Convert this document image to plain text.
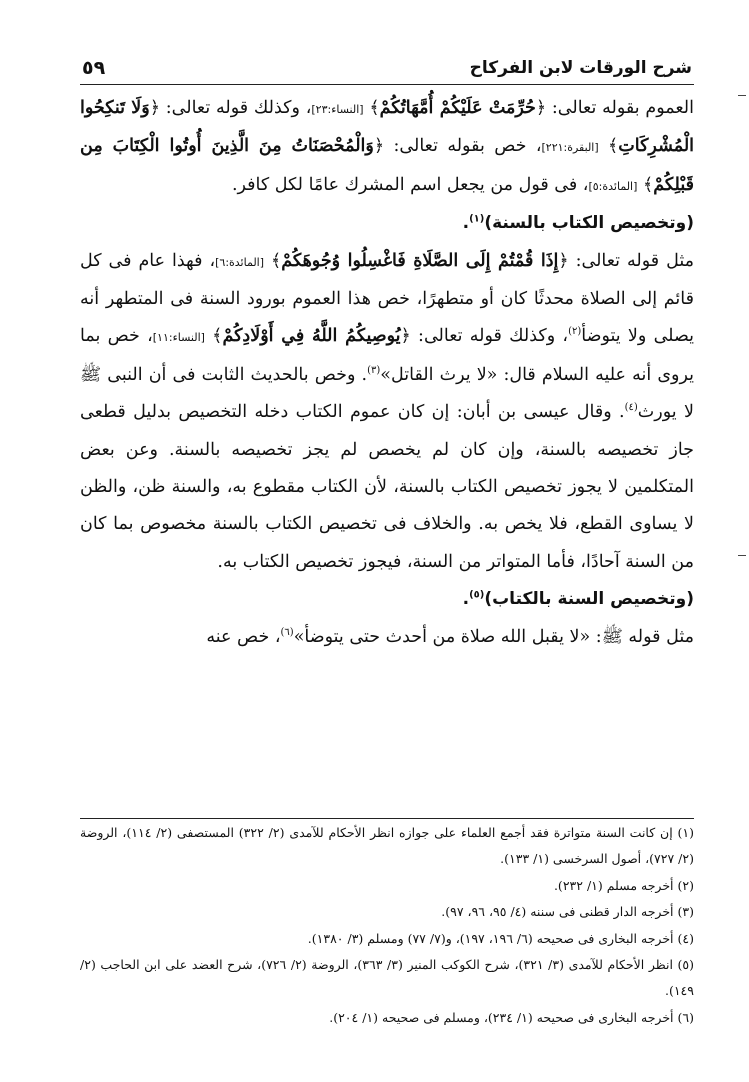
شرح الورقات لابن الفركاح
٥٩

العموم بقوله تعالى: ﴿حُرِّمَتْ عَلَيْكُمْ أُمَّهَاتُكُمْ﴾ [النساء:٢٣]، وكذلك قوله تعالى: ﴿وَلَا تَنكِحُوا الْمُشْرِكَاتِ﴾ [البقرة:٢٢١]، خص بقوله تعالى: ﴿وَالْمُحْصَنَاتُ مِنَ الَّذِينَ أُوتُوا الْكِتَابَ مِن قَبْلِكُمْ﴾ [المائدة:٥]، فى قول من يجعل اسم المشرك عامًا لكل كافر.

(وتخصيص الكتاب بالسنة)$^{(١)}$.

مثل قوله تعالى: ﴿إِذَا قُمْتُمْ إِلَى الصَّلَاةِ فَاغْسِلُوا وُجُوهَكُمْ﴾ [المائدة:٦]، فهذا عام فى كل قائم إلى الصلاة محدثًا كان أو متطهرًا، خص هذا العموم بورود السنة فى المتطهر أنه يصلى ولا يتوضأ$^{(٢)}$، وكذلك قوله تعالى: ﴿يُوصِيكُمُ اللَّهُ فِي أَوْلَادِكُمْ﴾ [النساء:١١]، خص بما يروى أنه عليه السلام قال: «لا يرث القاتل»$^{(٣)}$. وخص بالحديث الثابت فى أن النبى ﷺ لا يورث$^{(٤)}$. وقال عيسى بن أبان: إن كان عموم الكتاب دخله التخصيص بدليل قطعى جاز تخصيصه بالسنة، وإن كان لم يخصص لم يجز تخصيصه بالسنة. وعن بعض المتكلمين لا يجوز تخصيص الكتاب بالسنة، لأن الكتاب مقطوع به، والسنة ظن، والظن لا يساوى القطع، فلا يخص به. والخلاف فى تخصيص الكتاب بالسنة مخصوص بما كان من السنة آحادًا، فأما المتواتر من السنة، فيجوز تخصيص الكتاب به.

(وتخصيص السنة بالكتاب)$^{(٥)}$.

مثل قوله ﷺ: «لا يقبل الله صلاة من أحدث حتى يتوضأ»$^{(٦)}$، خص عنه

(١) إن كانت السنة متواترة فقد أجمع العلماء على جوازه انظر الأحكام للآمدى (٢/ ٣٢٢) المستصفى (٢/ ١١٤)، الروضة (٢/ ٧٢٧)، أصول السرخسى (١/ ١٣٣).

(٢) أخرجه مسلم (١/ ٢٣٢).

(٣) أخرجه الدار قطنى فى سننه (٤/ ٩٥، ٩٦، ٩٧).

(٤) أخرجه البخارى فى صحيحه (٦/ ١٩٦، ١٩٧)، و(٧/ ٧٧) ومسلم (٣/ ١٣٨٠).

(٥) انظر الأحكام للآمدى (٣/ ٣٢١)، شرح الكوكب المنير (٣/ ٣٦٣)، الروضة (٢/ ٧٢٦)، شرح العضد على ابن الحاجب (٢/ ١٤٩).

(٦) أخرجه البخارى فى صحيحه (١/ ٢٣٤)، ومسلم فى صحيحه (١/ ٢٠٤).
